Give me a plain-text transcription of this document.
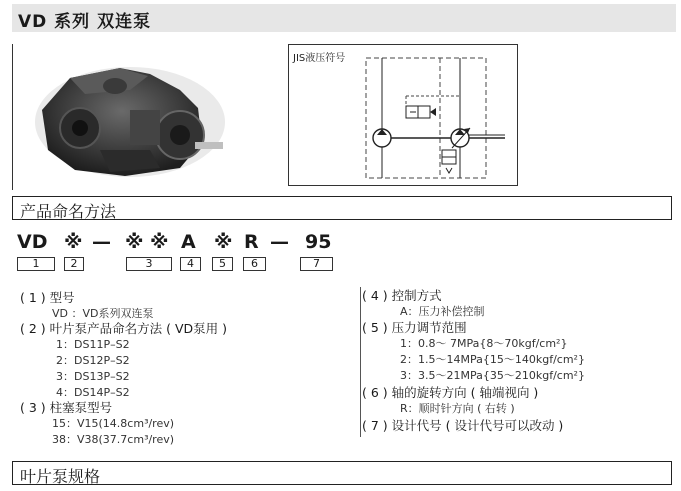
VD 系列 双连泵
JIS液压符号
产品命名方法
VD ※ — ※ ※ A ※ R — 95
1	2	3	4	5	6	7
( 1 ) 型号
VD ：VD系列双连泵
( 2 ) 叶片泵产品命名方法 ( VD泵用 )
1：DS11P–S2
2：DS12P–S2
3：DS13P–S2
4：DS14P–S2
( 3 ) 柱塞泵型号
15：V15(14.8cm³/rev)
38：V38(37.7cm³/rev)
( 4 ) 控制方式
A：压力补偿控制
( 5 ) 压力调节范围
1：0.8～ 7MPa{8～70kgf/cm²}
2：1.5～14MPa{15～140kgf/cm²}
3：3.5～21MPa{35～210kgf/cm²}
( 6 ) 轴的旋转方向 ( 轴端视向 )
R：顺时针方向 ( 右转 )
( 7 ) 设计代号 ( 设计代号可以改动 )
叶片泵规格
